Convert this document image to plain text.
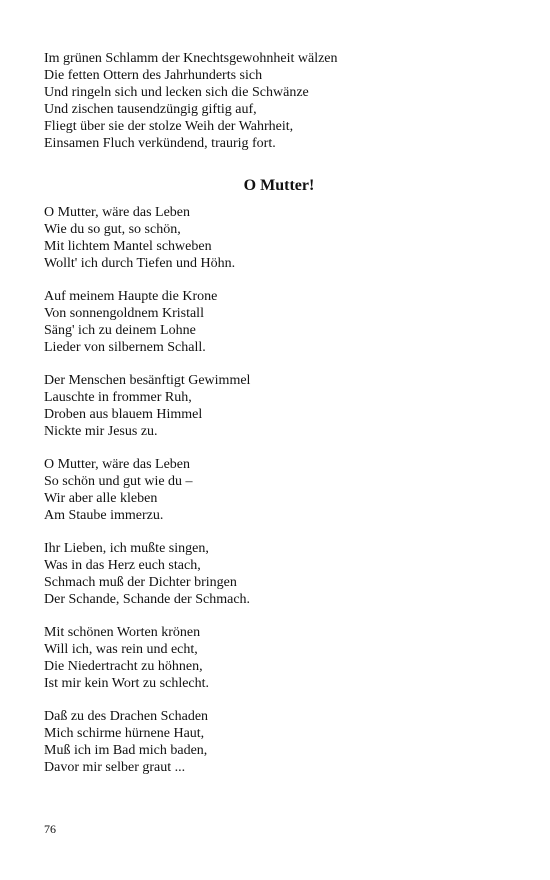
Im grünen Schlamm der Knechtsgewohnheit wälzen
Die fetten Ottern des Jahrhunderts sich
Und ringeln sich und lecken sich die Schwänze
Und zischen tausendzüngig giftig auf,
Fliegt über sie der stolze Weih der Wahrheit,
Einsamen Fluch verkündend, traurig fort.
O Mutter!
O Mutter, wäre das Leben
Wie du so gut, so schön,
Mit lichtem Mantel schweben
Wollt' ich durch Tiefen und Höhn.
Auf meinem Haupte die Krone
Von sonnengoldnem Kristall
Säng' ich zu deinem Lohne
Lieder von silbernem Schall.
Der Menschen besänftigt Gewimmel
Lauschte in frommer Ruh,
Droben aus blauem Himmel
Nickte mir Jesus zu.
O Mutter, wäre das Leben
So schön und gut wie du –
Wir aber alle kleben
Am Staube immerzu.
Ihr Lieben, ich mußte singen,
Was in das Herz euch stach,
Schmach muß der Dichter bringen
Der Schande, Schande der Schmach.
Mit schönen Worten krönen
Will ich, was rein und echt,
Die Niedertracht zu höhnen,
Ist mir kein Wort zu schlecht.
Daß zu des Drachen Schaden
Mich schirme hürnene Haut,
Muß ich im Bad mich baden,
Davor mir selber graut ...
76
